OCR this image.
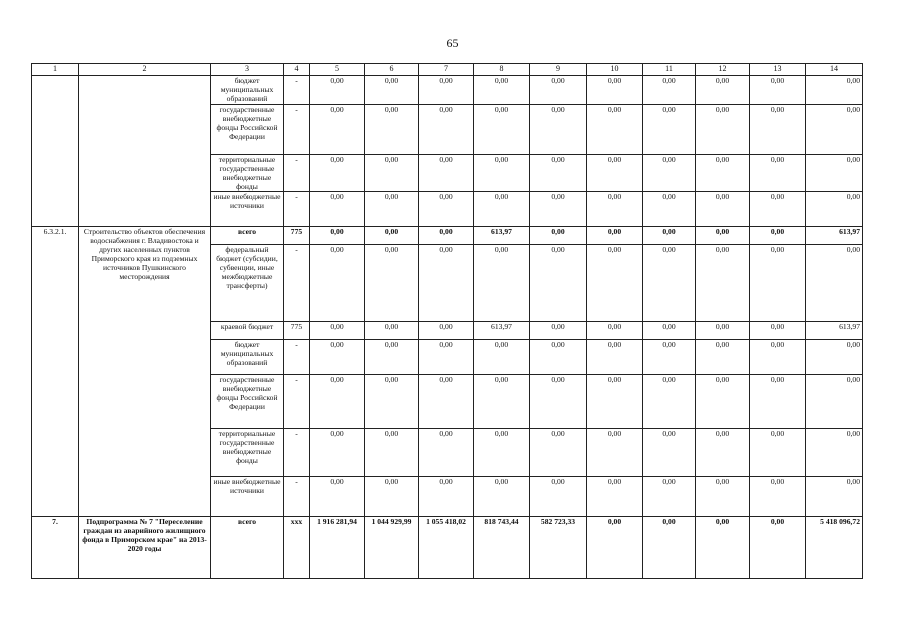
65
1	2	3	4	5	6	7	8	9	10	11	12	13	14
		бюджет муниципальных образований	-	0,00	0,00	0,00	0,00	0,00	0,00	0,00	0,00	0,00	0,00
		государственные внебюджетные фонды Российской Федерации	-	0,00	0,00	0,00	0,00	0,00	0,00	0,00	0,00	0,00	0,00
		территориальные государственные внебюджетные фонды	-	0,00	0,00	0,00	0,00	0,00	0,00	0,00	0,00	0,00	0,00
		иные внебюджетные источники	-	0,00	0,00	0,00	0,00	0,00	0,00	0,00	0,00	0,00	0,00
6.3.2.1.	Строительство объектов обеспечения водоснабжения г. Владивостока и других населенных пунктов Приморского края из подземных источников Пушкинского месторождения	всего	775	0,00	0,00	0,00	613,97	0,00	0,00	0,00	0,00	0,00	613,97
		федеральный бюджет (субсидии, субвенции, иные межбюджетные трансферты)	-	0,00	0,00	0,00	0,00	0,00	0,00	0,00	0,00	0,00	0,00
		краевой бюджет	775	0,00	0,00	0,00	613,97	0,00	0,00	0,00	0,00	0,00	613,97
		бюджет муниципальных образований	-	0,00	0,00	0,00	0,00	0,00	0,00	0,00	0,00	0,00	0,00
		государственные внебюджетные фонды Российской Федерации	-	0,00	0,00	0,00	0,00	0,00	0,00	0,00	0,00	0,00	0,00
		территориальные государственные внебюджетные фонды	-	0,00	0,00	0,00	0,00	0,00	0,00	0,00	0,00	0,00	0,00
		иные внебюджетные источники	-	0,00	0,00	0,00	0,00	0,00	0,00	0,00	0,00	0,00	0,00
7.	Подпрограмма № 7 "Переселение граждан из аварийного жилищного фонда в Приморском крае" на 2013-2020 годы	всего	ххх	1 916 281,94	1 044 929,99	1 055 418,02	818 743,44	582 723,33	0,00	0,00	0,00	0,00	5 418 096,72
